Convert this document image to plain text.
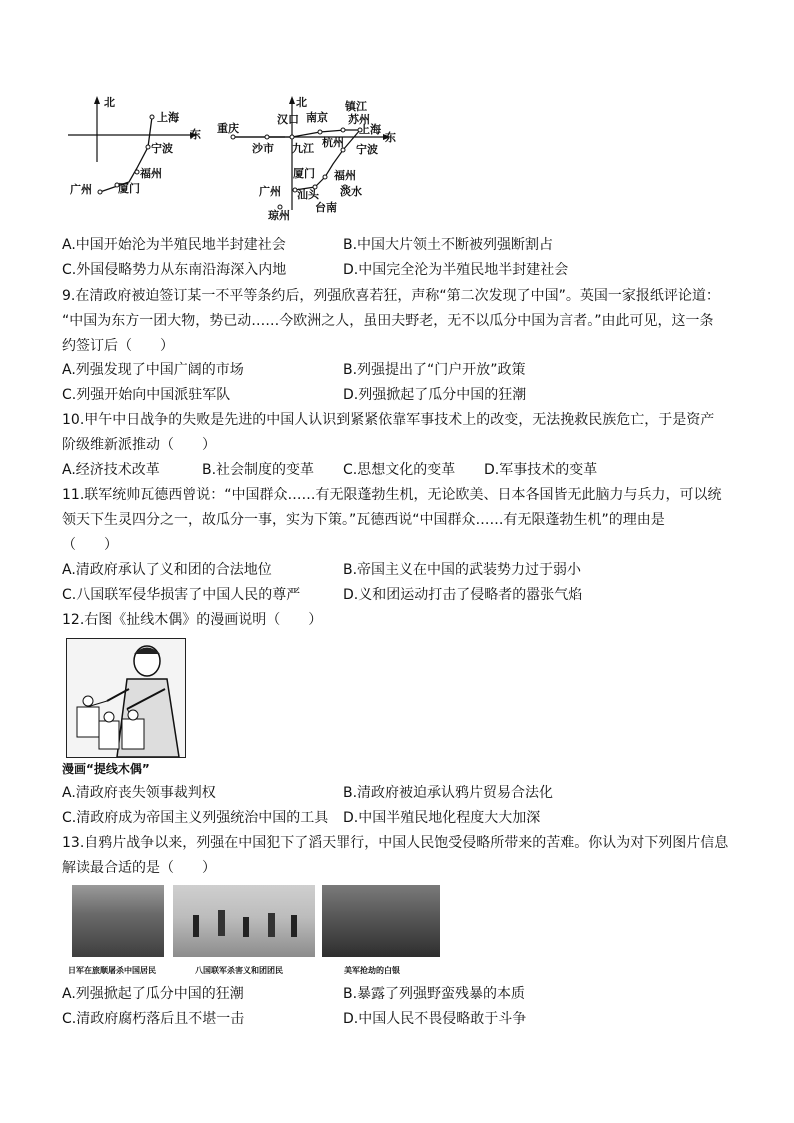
北
东
上海
宁波
福州
厦门
广州
北
东
镇江
南京 苏州
上海
汉口
重庆
沙市 九江 杭州
宁波
厦门 福州
广州 汕头 淡水
台南
琼州
A.中国开始沦为半殖民地半封建社会	B.中国大片领土不断被列强断割占
C.外国侵略势力从东南沿海深入内地	D.中国完全沦为半殖民地半封建社会
9.在清政府被迫签订某一不平等条约后，列强欣喜若狂，声称“第二次发现了中国”。英国一家报纸评论道：
“中国为东方一团大物，势已动……今欧洲之人，虽田夫野老，无不以瓜分中国为言者。”由此可见，这一条
约签订后（　　）
A.列强发现了中国广阔的市场	B.列强提出了“门户开放”政策
C.列强开始向中国派驻军队	D.列强掀起了瓜分中国的狂潮
10.甲午中日战争的失败是先进的中国人认识到紧紧依靠军事技术上的改变，无法挽救民族危亡，于是资产
阶级维新派推动（　　）
A.经济技术改革	B.社会制度的变革 C.思想文化的变革 D.军事技术的变革
11.联军统帅瓦德西曾说：“中国群众……有无限蓬勃生机，无论欧美、日本各国皆无此脑力与兵力，可以统
领天下生灵四分之一，故瓜分一事，实为下策。”瓦德西说“中国群众……有无限蓬勃生机”的理由是
（　　）
A.清政府承认了义和团的合法地位	B.帝国主义在中国的武装势力过于弱小
C.八国联军侵华损害了中国人民的尊严	D.义和团运动打击了侵略者的嚣张气焰
12.右图《扯线木偶》的漫画说明（　　）
漫画“提线木偶”
A.清政府丧失领事裁判权	B.清政府被迫承认鸦片贸易合法化
C.清政府成为帝国主义列强统治中国的工具 D.中国半殖民地化程度大大加深
13.自鸦片战争以来，列强在中国犯下了滔天罪行，中国人民饱受侵略所带来的苦难。你认为对下列图片信息
解读最合适的是（　　）
日军在旅顺屠杀中国居民	八国联军杀害义和团团民	美军抢劫的白银
A.列强掀起了瓜分中国的狂潮	B.暴露了列强野蛮残暴的本质
C.清政府腐朽落后且不堪一击	D.中国人民不畏侵略敢于斗争
